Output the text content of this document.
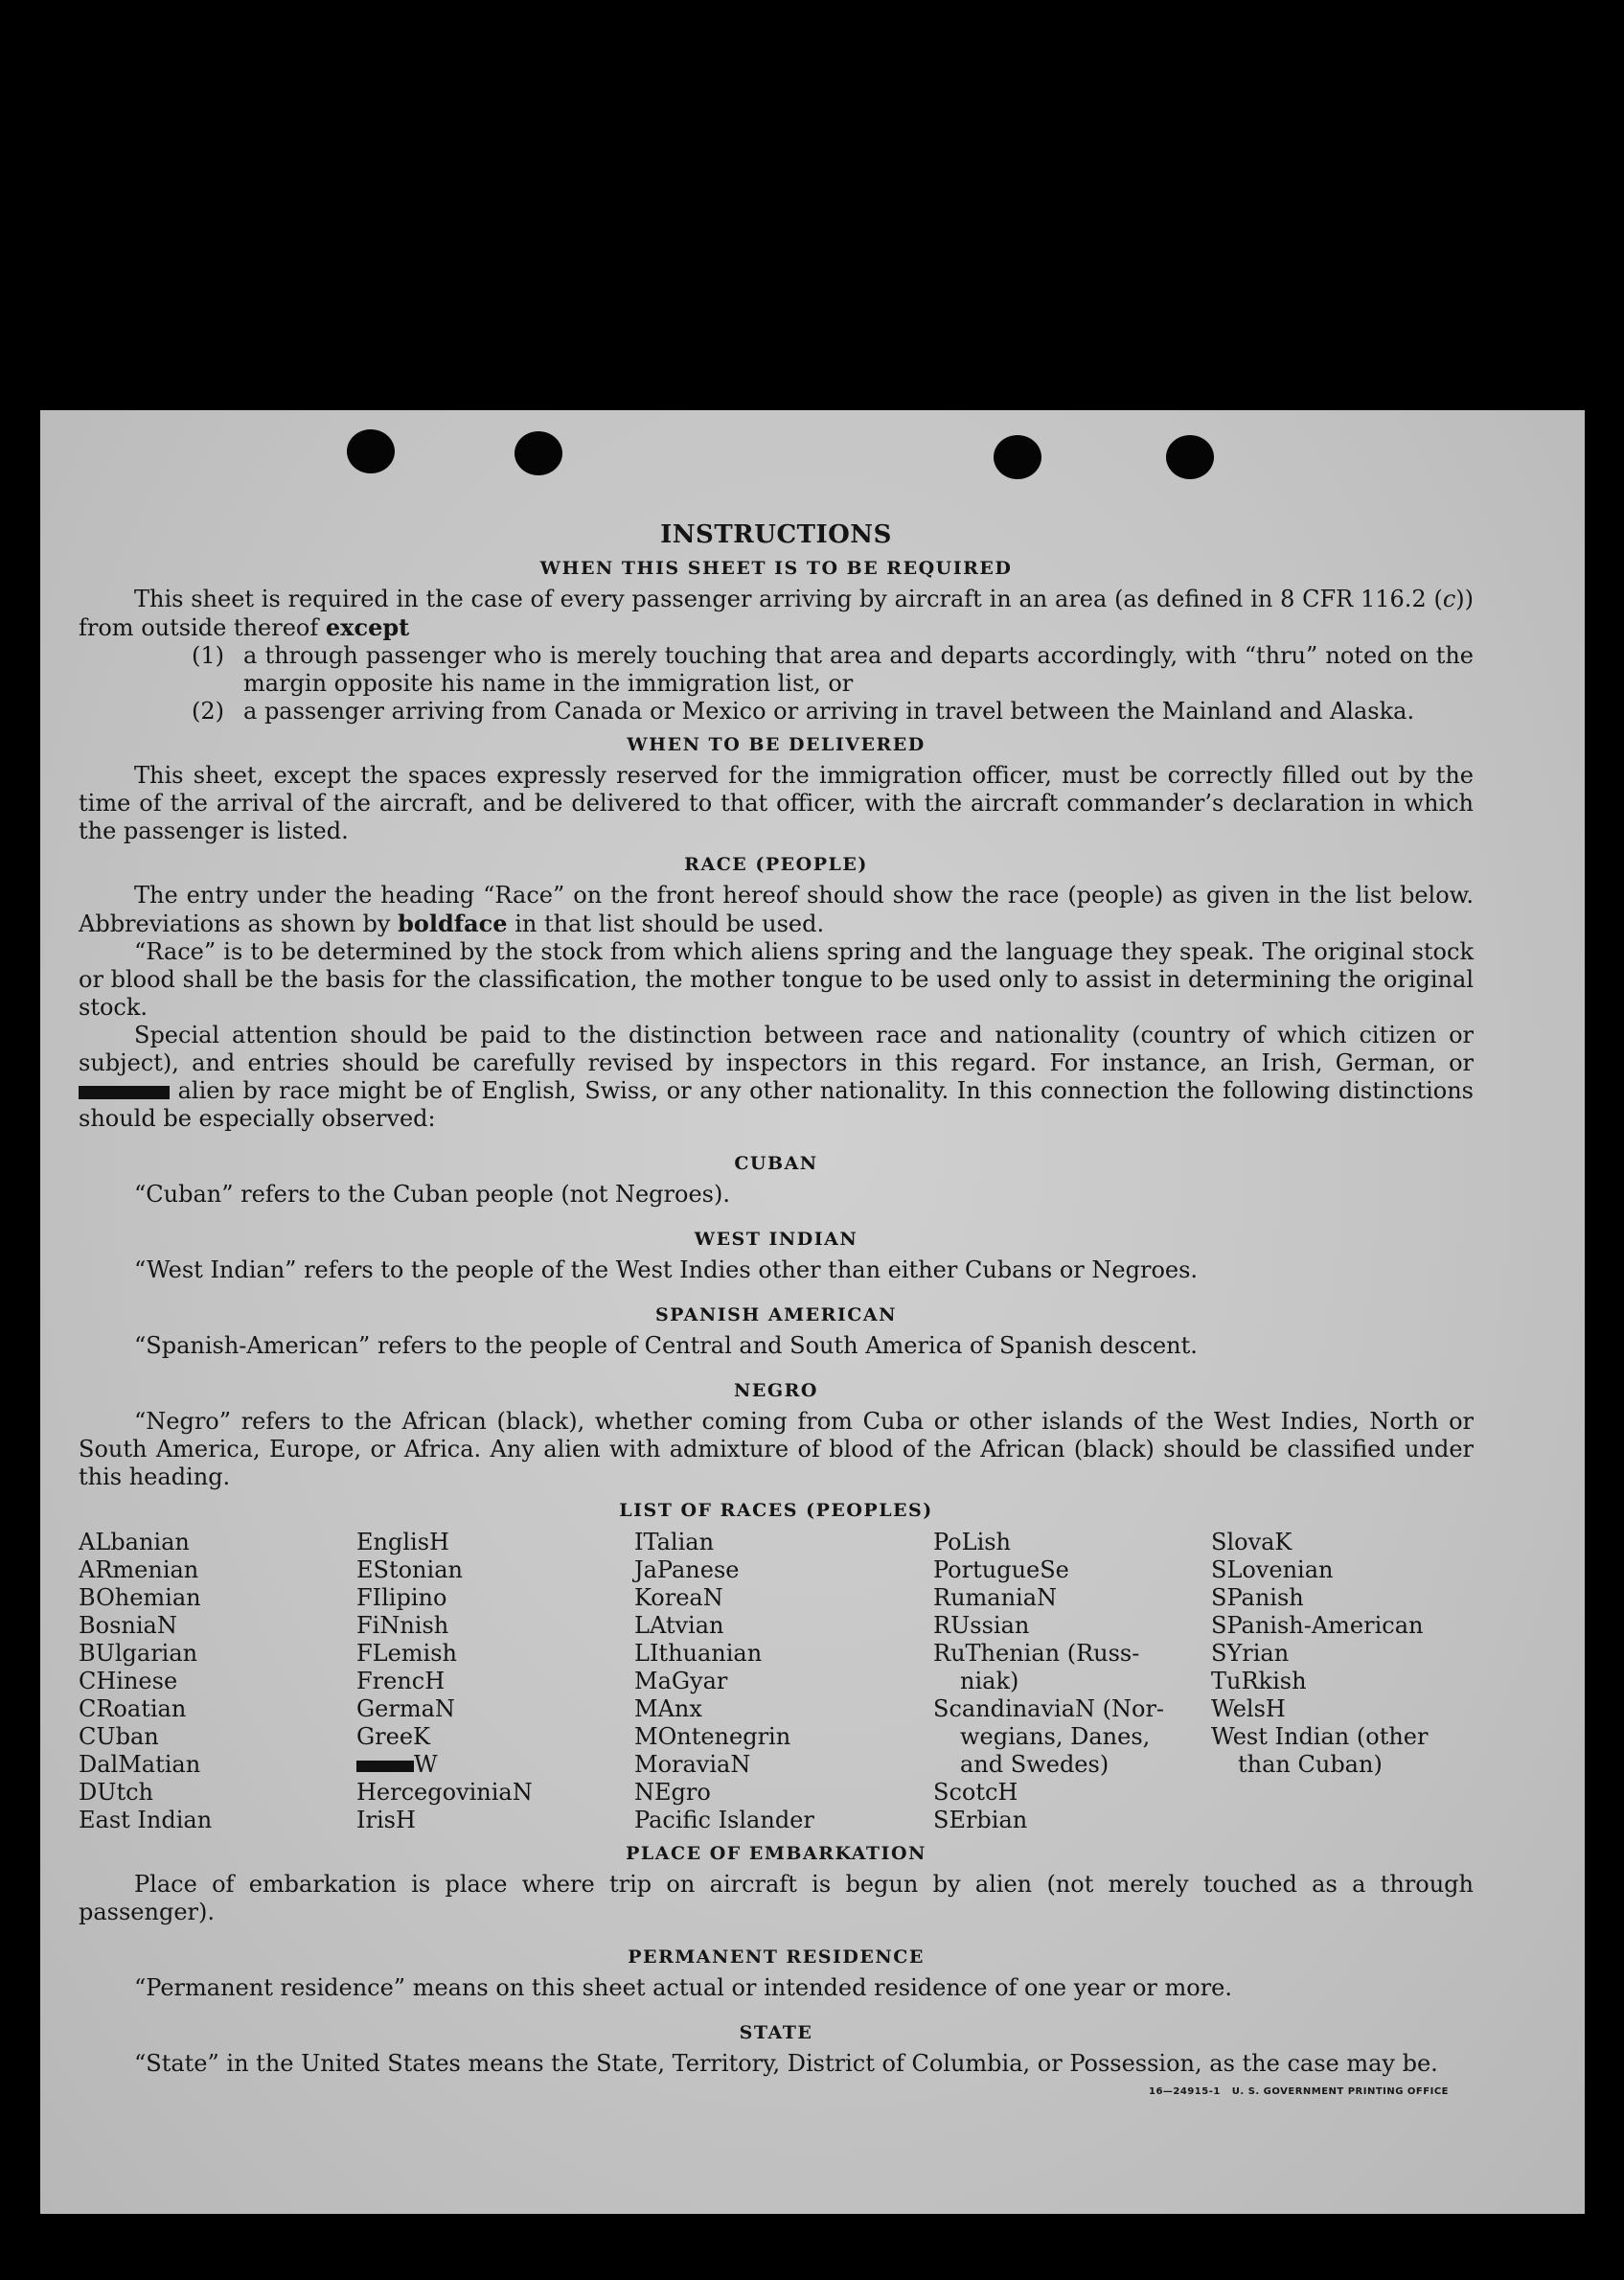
INSTRUCTIONS
WHEN THIS SHEET IS TO BE REQUIRED

This sheet is required in the case of every passenger arriving by aircraft in an area (as defined in 8 CFR 116.2 (c)) from outside thereof except

(1) a through passenger who is merely touching that area and departs accordingly, with “thru” noted on the margin opposite his name in the immigration list, or
(2) a passenger arriving from Canada or Mexico or arriving in travel between the Mainland and Alaska.
WHEN TO BE DELIVERED

This sheet, except the spaces expressly reserved for the immigration officer, must be correctly filled out by the time of the arrival of the aircraft, and be delivered to that officer, with the aircraft commander’s declaration in which the passenger is listed.

RACE (PEOPLE)

The entry under the heading “Race” on the front hereof should show the race (people) as given in the list below. Abbreviations as shown by boldface in that list should be used.

“Race” is to be determined by the stock from which aliens spring and the language they speak. The original stock or blood shall be the basis for the classification, the mother tongue to be used only to assist in determining the original stock.

Special attention should be paid to the distinction between race and nationality (country of which citizen or subject), and entries should be carefully revised by inspectors in this regard. For instance, an Irish, German, or  alien by race might be of English, Swiss, or any other nationality. In this connection the following distinctions should be especially observed:

CUBAN

“Cuban” refers to the Cuban people (not Negroes).

WEST INDIAN

“West Indian” refers to the people of the West Indies other than either Cubans or Negroes.

SPANISH AMERICAN

“Spanish-American” refers to the people of Central and South America of Spanish descent.

NEGRO

“Negro” refers to the African (black), whether coming from Cuba or other islands of the West Indies, North or South America, Europe, or Africa. Any alien with admixture of blood of the African (black) should be classified under this heading.

LIST OF RACES (PEOPLES)
ALbanian
ARmenian
BOhemian
BosniaN
BUlgarian
CHinese
CRoatian
CUban
DalMatian
DUtch
East Indian
EnglisH
EStonian
FIlipino
FiNnish
FLemish
FrencH
GermaN
GreeK
W
HercegoviniaN
IrisH
ITalian
JaPanese
KoreaN
LAtvian
LIthuanian
MaGyar
MAnx
MOntenegrin
MoraviaN
NEgro
Pacific Islander
PoLish
PortugueSe
RumaniaN
RUssian
RuThenian (Russ-
niak)
ScandinaviaN (Nor-
wegians, Danes,
and Swedes)
ScotcH
SErbian
SlovaK
SLovenian
SPanish
SPanish-American
SYrian
TuRkish
WelsH
West Indian (other
than Cuban)
PLACE OF EMBARKATION

Place of embarkation is place where trip on aircraft is begun by alien (not merely touched as a through passenger).

PERMANENT RESIDENCE

“Permanent residence” means on this sheet actual or intended residence of one year or more.

STATE

“State” in the United States means the State, Territory, District of Columbia, or Possession, as the case may be.

16—24915-1 U. S. GOVERNMENT PRINTING OFFICE
